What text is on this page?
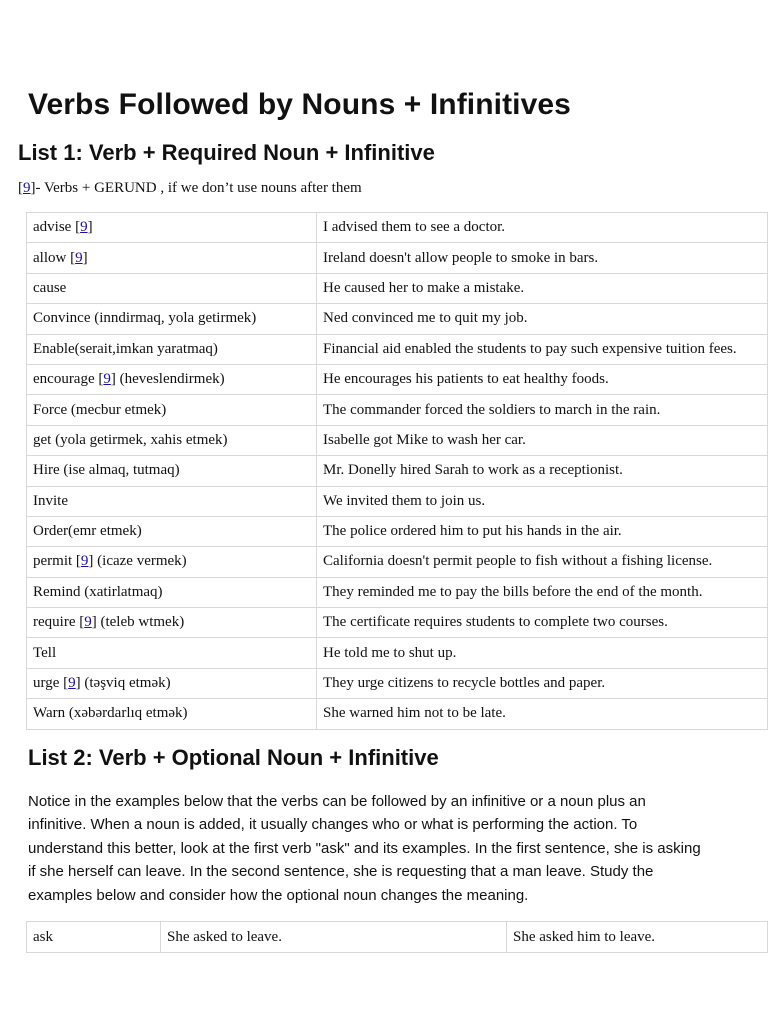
Verbs Followed by Nouns + Infinitives
List 1: Verb + Required Noun + Infinitive
[9]- Verbs + GERUND , if we don’t use nouns after them
advise [9]	I advised them to see a doctor.
allow [9]	Ireland doesn't allow people to smoke in bars.
cause	He caused her to make a mistake.
Convince (inndirmaq, yola getirmek)	Ned convinced me to quit my job.
Enable(serait,imkan yaratmaq)	Financial aid enabled the students to pay such expensive tuition fees.
encourage [9] (heveslendirmek)	He encourages his patients to eat healthy foods.
Force (mecbur etmek)	The commander forced the soldiers to march in the rain.
get (yola getirmek, xahis etmek)	Isabelle got Mike to wash her car.
Hire (ise almaq, tutmaq)	Mr. Donelly hired Sarah to work as a receptionist.
Invite	We invited them to join us.
Order(emr etmek)	The police ordered him to put his hands in the air.
permit [9] (icaze vermek)	California doesn't permit people to fish without a fishing license.
Remind (xatirlatmaq)	They reminded me to pay the bills before the end of the month.
require [9] (teleb wtmek)	The certificate requires students to complete two courses.
Tell	He told me to shut up.
urge [9] (təşviq etmək)	They urge citizens to recycle bottles and paper.
Warn (xəbərdarlıq etmək)	She warned him not to be late.
List 2: Verb + Optional Noun + Infinitive

Notice in the examples below that the verbs can be followed by an infinitive or a noun plus an infinitive. When a noun is added, it usually changes who or what is performing the action. To understand this better, look at the first verb "ask" and its examples. In the first sentence, she is asking if she herself can leave. In the second sentence, she is requesting that a man leave. Study the examples below and consider how the optional noun changes the meaning.

ask	She asked to leave.	She asked him to leave.
